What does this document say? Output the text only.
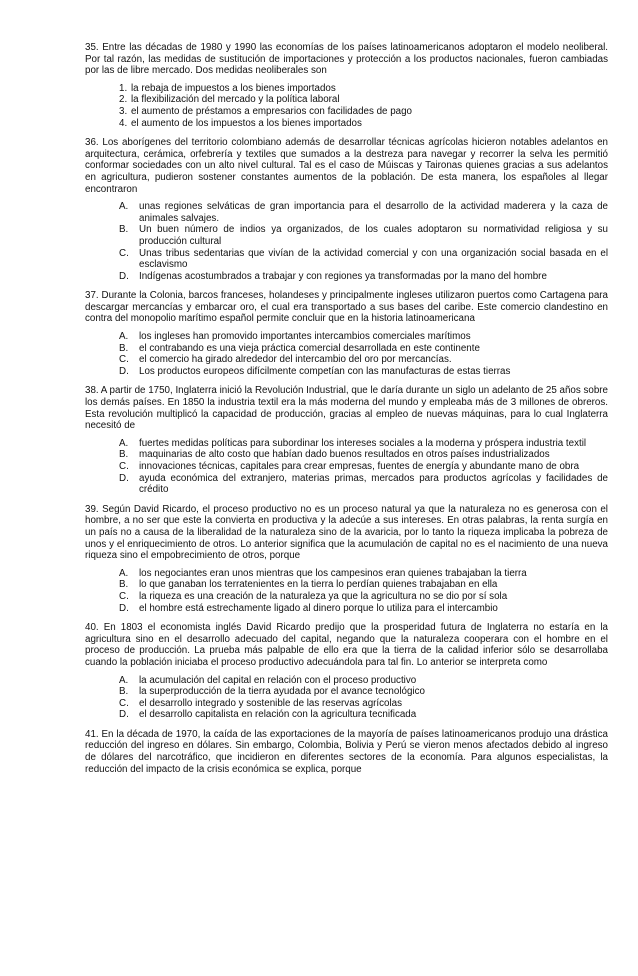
35. Entre las décadas de 1980 y 1990 las economías de los países latinoamericanos adoptaron el modelo neoliberal. Por tal razón, las medidas de sustitución de importaciones y protección a los productos nacionales, fueron cambiadas por las de libre mercado. Dos medidas neoliberales son

1. la rebaja de impuestos a los bienes importados
2. la flexibilización del mercado y la política laboral
3. el aumento de préstamos a empresarios con facilidades de pago
4. el aumento de los impuestos a los bienes importados

36. Los aborígenes del territorio colombiano además de desarrollar técnicas agrícolas hicieron notables adelantos en arquitectura, cerámica, orfebrería y textiles que sumados a la destreza para navegar y recorrer la selva les permitió conformar sociedades con un alto nivel cultural. Tal es el caso de Múiscas y Taironas quienes gracias a sus adelantos en agricultura, pudieron sostener constantes aumentos de la población. De esta manera, los españoles al llegar encontraron

A.	unas regiones selváticas de gran importancia para el desarrollo de la actividad maderera y la caza de animales salvajes.
B.	Un buen número de indios ya organizados, de los cuales adoptaron su normatividad religiosa y su producción cultural
C.	Unas tribus sedentarias que vivían de la actividad comercial y con una organización social basada en el esclavismo
D.	Indígenas acostumbrados a trabajar y con regiones ya transformadas por la mano del hombre

37. Durante la Colonia, barcos franceses, holandeses y principalmente ingleses utilizaron puertos como Cartagena para descargar mercancías y embarcar oro, el cual era transportado a sus bases del caribe. Este comercio clandestino en contra del monopolio marítimo español permite concluir que en la historia latinoamericana

A.	los ingleses han promovido importantes intercambios comerciales marítimos
B.	el contrabando es una vieja práctica comercial desarrollada en este continente
C.	el comercio ha girado alrededor del intercambio del oro por mercancías.
D.	Los productos europeos difícilmente competían con las manufacturas de estas tierras

38. A partir de 1750, Inglaterra inició la Revolución Industrial, que le daría durante un siglo un adelanto de 25 años sobre los demás países. En 1850 la industria textil era la más moderna del mundo y empleaba más de 3 millones de obreros. Esta revolución multiplicó la capacidad de producción, gracias al empleo de nuevas máquinas, para lo cual Inglaterra necesitó de

A.	fuertes medidas políticas para subordinar los intereses sociales a la moderna y próspera industria textil
B.	maquinarias de alto costo que habían dado buenos resultados en otros países industrializados
C.	innovaciones técnicas, capitales para crear empresas, fuentes de energía y abundante mano de obra
D.	ayuda económica del extranjero, materias primas, mercados para productos agrícolas y facilidades de crédito

39. Según David Ricardo, el proceso productivo no es un proceso natural ya que la naturaleza no es generosa con el hombre, a no ser que este la convierta en productiva y la adecúe a sus intereses. En otras palabras, la renta surgía en un país no a causa de la liberalidad de la naturaleza sino de la avaricia, por lo tanto la riqueza implicaba la pobreza de unos y el enriquecimiento de otros. Lo anterior significa que la acumulación de capital no es el nacimiento de una nueva riqueza sino el empobrecimiento de otros, porque

A.	los negociantes eran unos mientras que los campesinos eran quienes trabajaban la tierra
B.	lo que ganaban los terratenientes en la tierra lo perdían quienes trabajaban en ella
C.	la riqueza es una creación de la naturaleza ya que la agricultura no se dio por sí sola
D.	el hombre está estrechamente ligado al dinero porque lo utiliza para el intercambio

40. En 1803 el economista inglés David Ricardo predijo que la prosperidad futura de Inglaterra no estaría en la agricultura sino en el desarrollo adecuado del capital, negando que la naturaleza cooperara con el hombre en el proceso de producción. La prueba más palpable de ello era que la tierra de la calidad inferior sólo se desarrollaba cuando la población iniciaba el proceso productivo adecuándola para tal fin. Lo anterior se interpreta como

A.	la acumulación del capital en relación con el proceso productivo
B.	la superproducción de la tierra ayudada por el avance tecnológico
C.	el desarrollo integrado y sostenible de las reservas agrícolas
D.	el desarrollo capitalista en relación con la agricultura tecnificada

41. En la década de 1970, la caída de las exportaciones de la mayoría de países latinoamericanos produjo una drástica reducción del ingreso en dólares. Sin embargo, Colombia, Bolivia y Perú se vieron menos afectados debido al ingreso de dólares del narcotráfico, que incidieron en diferentes sectores de la economía. Para algunos especialistas, la reducción del impacto de la crisis económica se explica, porque
